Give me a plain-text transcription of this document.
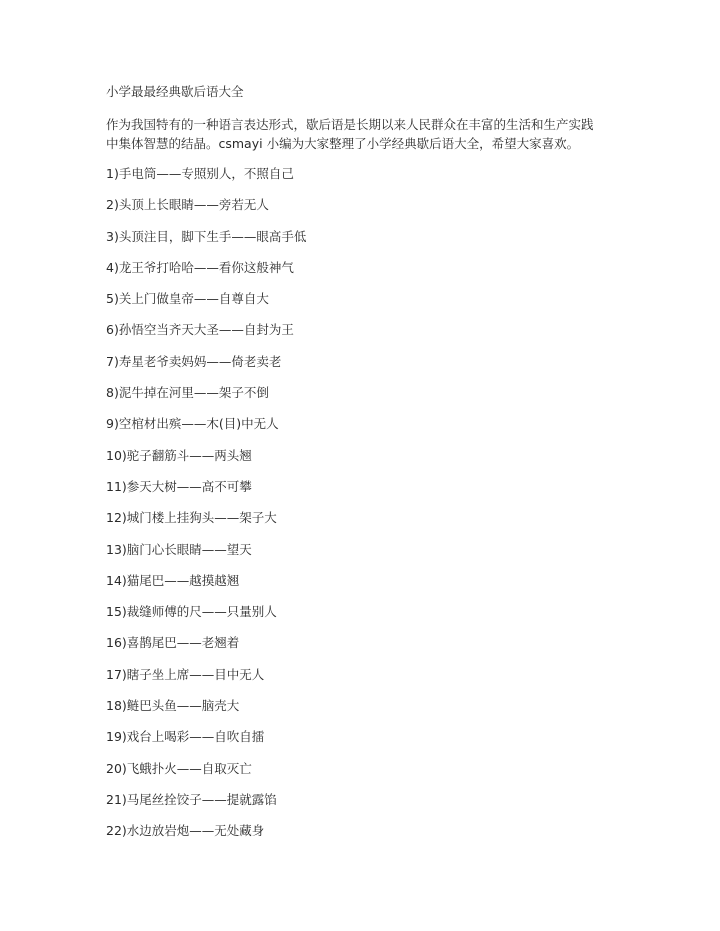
小学最最经典歇后语大全

作为我国特有的一种语言表达形式，歇后语是长期以来人民群众在丰富的生活和生产实践

中集体智慧的结晶。csmayi 小编为大家整理了小学经典歇后语大全，希望大家喜欢。

1)手电筒——专照别人，不照自己
2)头顶上长眼睛——旁若无人
3)头顶注目，脚下生手——眼高手低
4)龙王爷打哈哈——看你这般神气
5)关上门做皇帝——自尊自大
6)孙悟空当齐天大圣——自封为王
7)寿星老爷卖妈妈——倚老卖老
8)泥牛掉在河里——架子不倒
9)空棺材出殡——木(目)中无人
10)驼子翻筋斗——两头翘
11)参天大树——高不可攀
12)城门楼上挂狗头——架子大
13)脑门心长眼睛——望天
14)猫尾巴——越摸越翘
15)裁缝师傅的尺——只量别人
16)喜鹊尾巴——老翘着
17)瞎子坐上席——目中无人
18)鲢巴头鱼——脑壳大
19)戏台上喝彩——自吹自擂
20)飞蛾扑火——自取灭亡
21)马尾丝拴饺子——提就露馅
22)水边放岩炮——无处藏身
